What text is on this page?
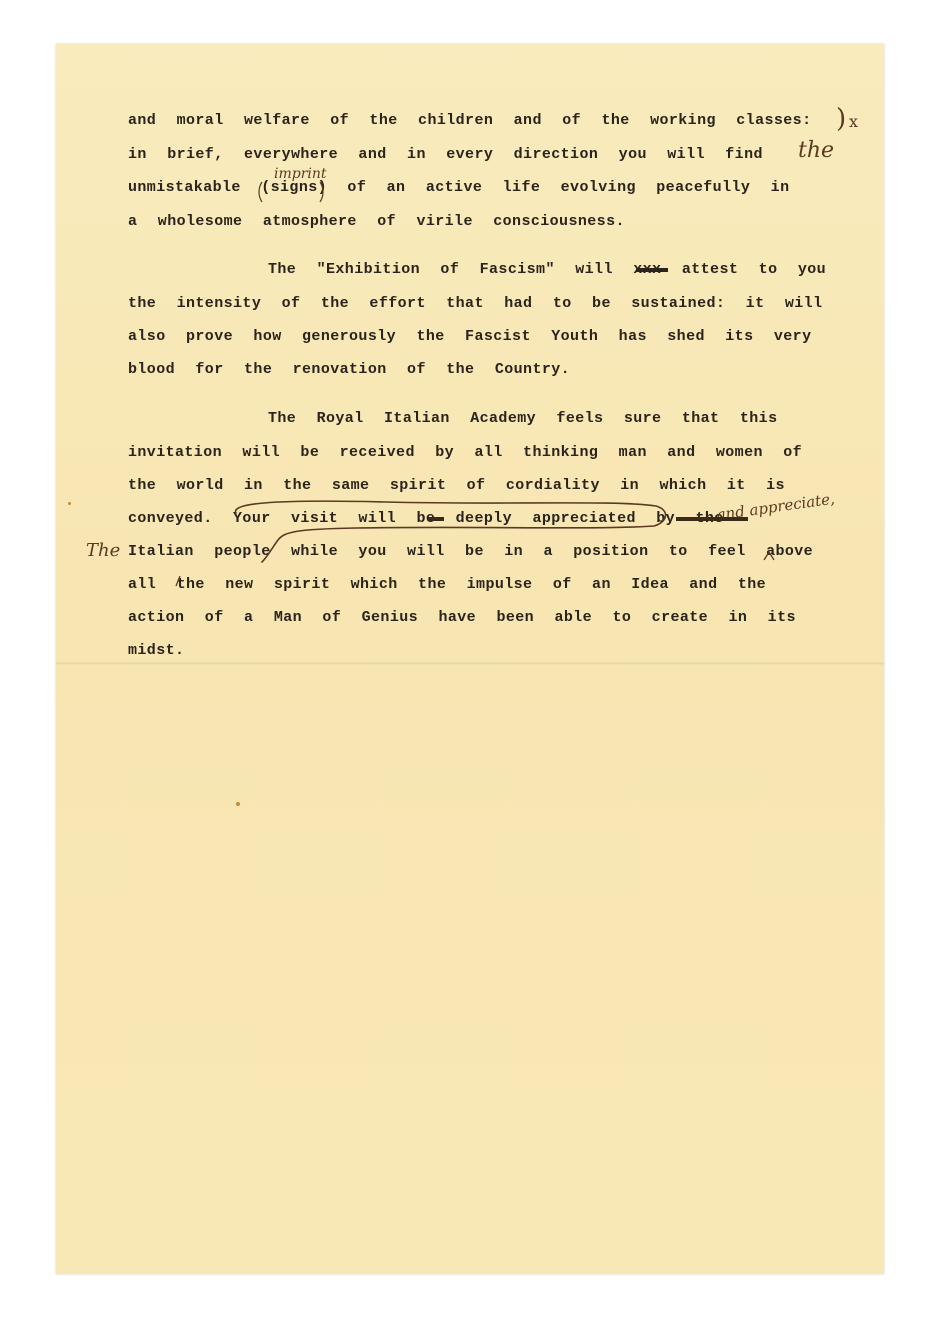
and moral welfare of the children and of the working classes:

in brief, everywhere and in every direction you will find

unmistakable (signs) of an active life evolving peacefully in

a wholesome atmosphere of virile consciousness.

The "Exhibition of Fascism" will xxx attest to you

the intensity of the effort that had to be sustained: it will

also prove how generously the Fascist Youth has shed its very

blood for the renovation of the Country.

The Royal Italian Academy feels sure that this

invitation will be received by all thinking man and women of

the world in the same spirit of cordiality in which it is

conveyed. Your visit will be deeply appreciated by the

Italian people while you will be in a position to feel above

all the new spirit which the impulse of an Idea and the

action of a Man of Genius have been able to create in its

midst.

the
imprint
) x
The
and appreciate,
